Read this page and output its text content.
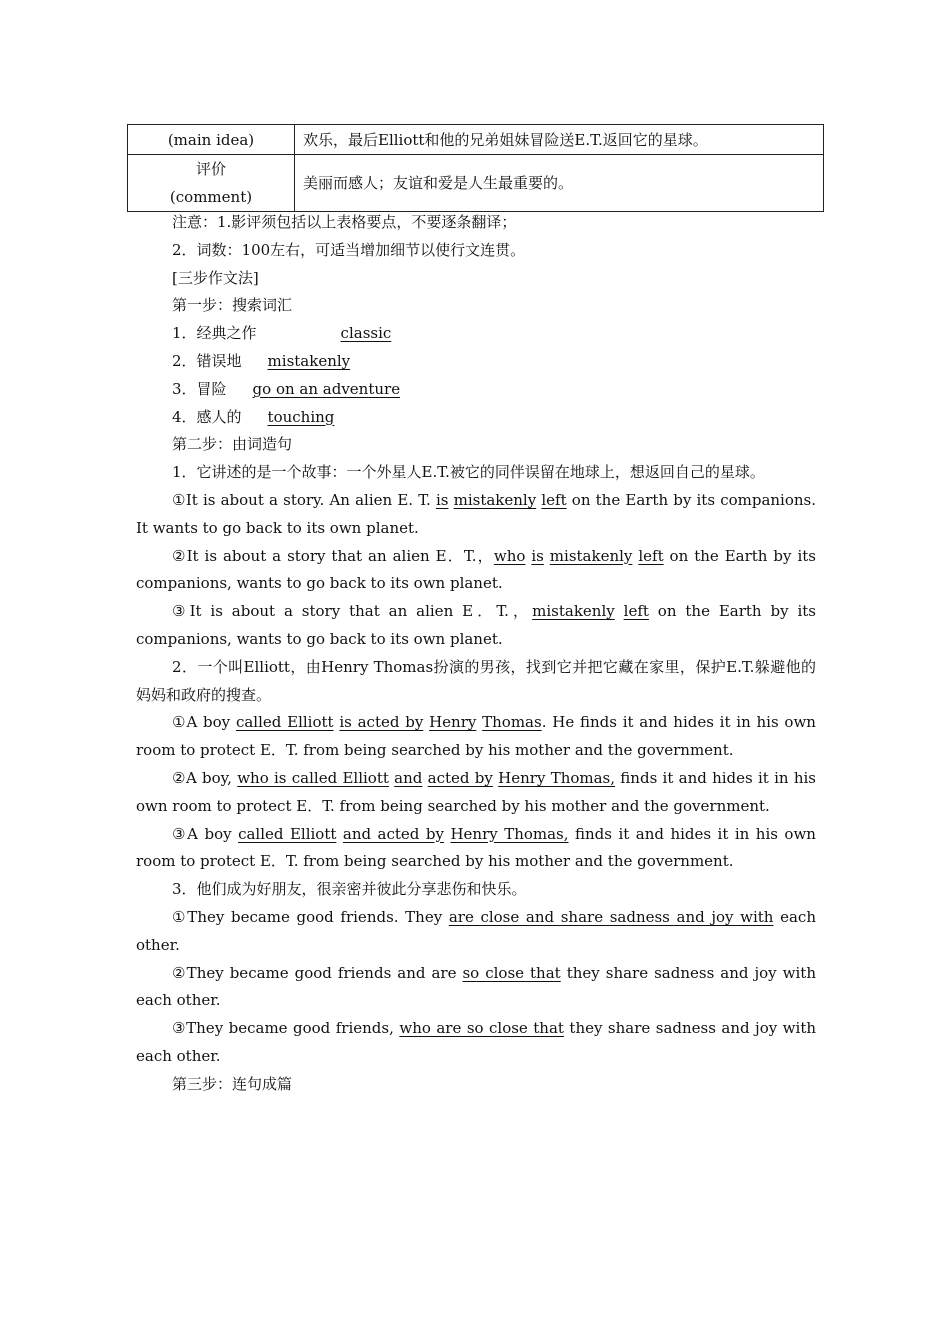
(main idea)	欢乐，最后Elliott和他的兄弟姐妹冒险送E.T.返回它的星球。

评价
(comment)	美丽而感人；友谊和爱是人生最重要的。

注意：1.影评须包括以上表格要点，不要逐条翻译；

2．词数：100左右，可适当增加细节以使行文连贯。

[三步作文法]

第一步：搜索词汇

1．经典之作	classic

2．错误地 mistakenly

3．冒险 go on an adventure

4．感人的 touching

第二步：由词造句

1．它讲述的是一个故事：一个外星人E.T.被它的同伴误留在地球上，想返回自己的星球。

①It is about a story. An alien E. T. is mistakenly left on the Earth by its companions. It wants to go back to its own planet.

②It is about a story that an alien E．T.，who is mistakenly left on the Earth by its companions, wants to go back to its own planet.

③It is about a story that an alien E．T.，mistakenly left on the Earth by its companions, wants to go back to its own planet.

2．一个叫Elliott，由Henry Thomas扮演的男孩，找到它并把它藏在家里，保护E.T.躲避他的妈妈和政府的搜查。

①A boy called Elliott is acted by Henry Thomas. He finds it and hides it in his own room to protect E．T. from being searched by his mother and the government.

②A boy, who is called Elliott and acted by Henry Thomas, finds it and hides it in his own room to protect E．T. from being searched by his mother and the government.

③A boy called Elliott and acted by Henry Thomas, finds it and hides it in his own room to protect E．T. from being searched by his mother and the government.

3．他们成为好朋友，很亲密并彼此分享悲伤和快乐。

①They became good friends. They are close and share sadness and joy with each other.

②They became good friends and are so close that they share sadness and joy with each other.

③They became good friends, who are so close that they share sadness and joy with each other.

第三步：连句成篇
